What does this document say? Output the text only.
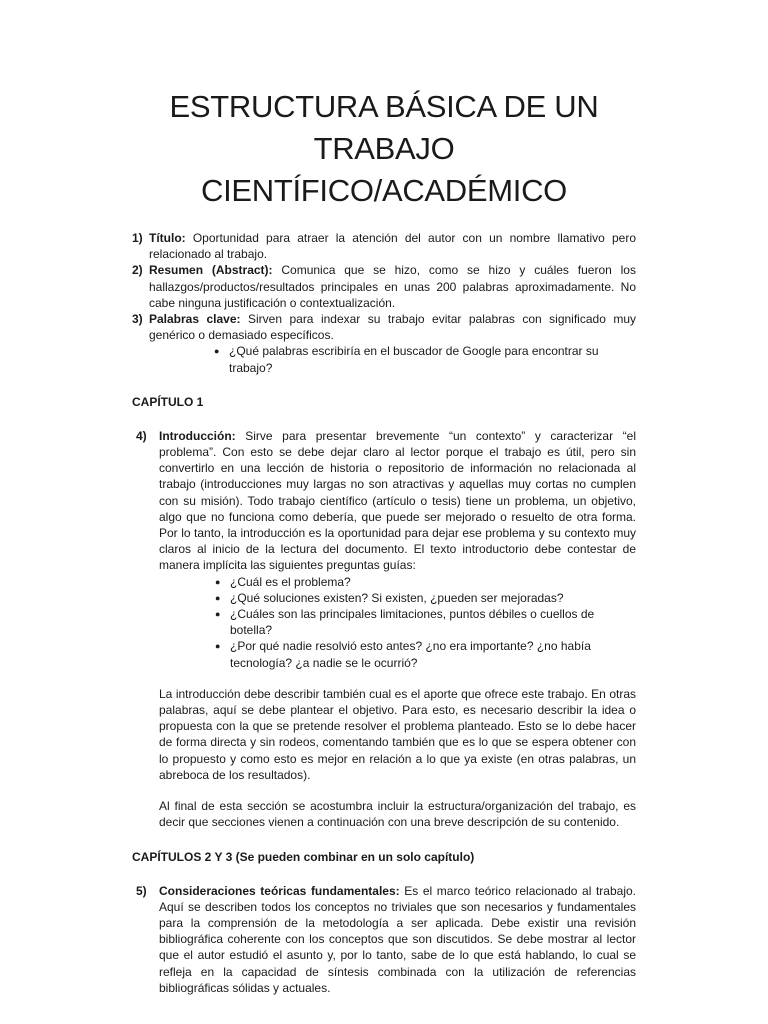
ESTRUCTURA BÁSICA DE UN TRABAJO
CIENTÍFICO/ACADÉMICO
1) Título: Oportunidad para atraer la atención del autor con un nombre llamativo pero relacionado al trabajo.
2) Resumen (Abstract): Comunica que se hizo, como se hizo y cuáles fueron los hallazgos/productos/resultados principales en unas 200 palabras aproximadamente. No cabe ninguna justificación o contextualización.
3) Palabras clave: Sirven para indexar su trabajo evitar palabras con significado muy genérico o demasiado específicos.
● ¿Qué palabras escribiría en el buscador de Google para encontrar su trabajo?
CAPÍTULO 1
4) Introducción: Sirve para presentar brevemente “un contexto” y caracterizar “el problema”. Con esto se debe dejar claro al lector porque el trabajo es útil, pero sin convertirlo en una lección de historia o repositorio de información no relacionada al trabajo (introducciones muy largas no son atractivas y aquellas muy cortas no cumplen con su misión). Todo trabajo científico (artículo o tesis) tiene un problema, un objetivo, algo que no funciona como debería, que puede ser mejorado o resuelto de otra forma. Por lo tanto, la introducción es la oportunidad para dejar ese problema y su contexto muy claros al inicio de la lectura del documento. El texto introductorio debe contestar de manera implícita las siguientes preguntas guías:
● ¿Cuál es el problema?
● ¿Qué soluciones existen? Si existen, ¿pueden ser mejoradas?
● ¿Cuáles son las principales limitaciones, puntos débiles o cuellos de botella?
● ¿Por qué nadie resolvió esto antes? ¿no era importante? ¿no había tecnología? ¿a nadie se le ocurrió?
La introducción debe describir también cual es el aporte que ofrece este trabajo. En otras palabras, aquí se debe plantear el objetivo. Para esto, es necesario describir la idea o propuesta con la que se pretende resolver el problema planteado. Esto se lo debe hacer de forma directa y sin rodeos, comentando también que es lo que se espera obtener con lo propuesto y como esto es mejor en relación a lo que ya existe (en otras palabras, un abreboca de los resultados).
Al final de esta sección se acostumbra incluir la estructura/organización del trabajo, es decir que secciones vienen a continuación con una breve descripción de su contenido.
CAPÍTULOS 2 Y 3 (Se pueden combinar en un solo capítulo)
5) Consideraciones teóricas fundamentales: Es el marco teórico relacionado al trabajo. Aquí se describen todos los conceptos no triviales que son necesarios y fundamentales para la comprensión de la metodología a ser aplicada. Debe existir una revisión bibliográfica coherente con los conceptos que son discutidos. Se debe mostrar al lector que el autor estudió el asunto y, por lo tanto, sabe de lo que está hablando, lo cual se refleja en la capacidad de síntesis combinada con la utilización de referencias bibliográficas sólidas y actuales.
